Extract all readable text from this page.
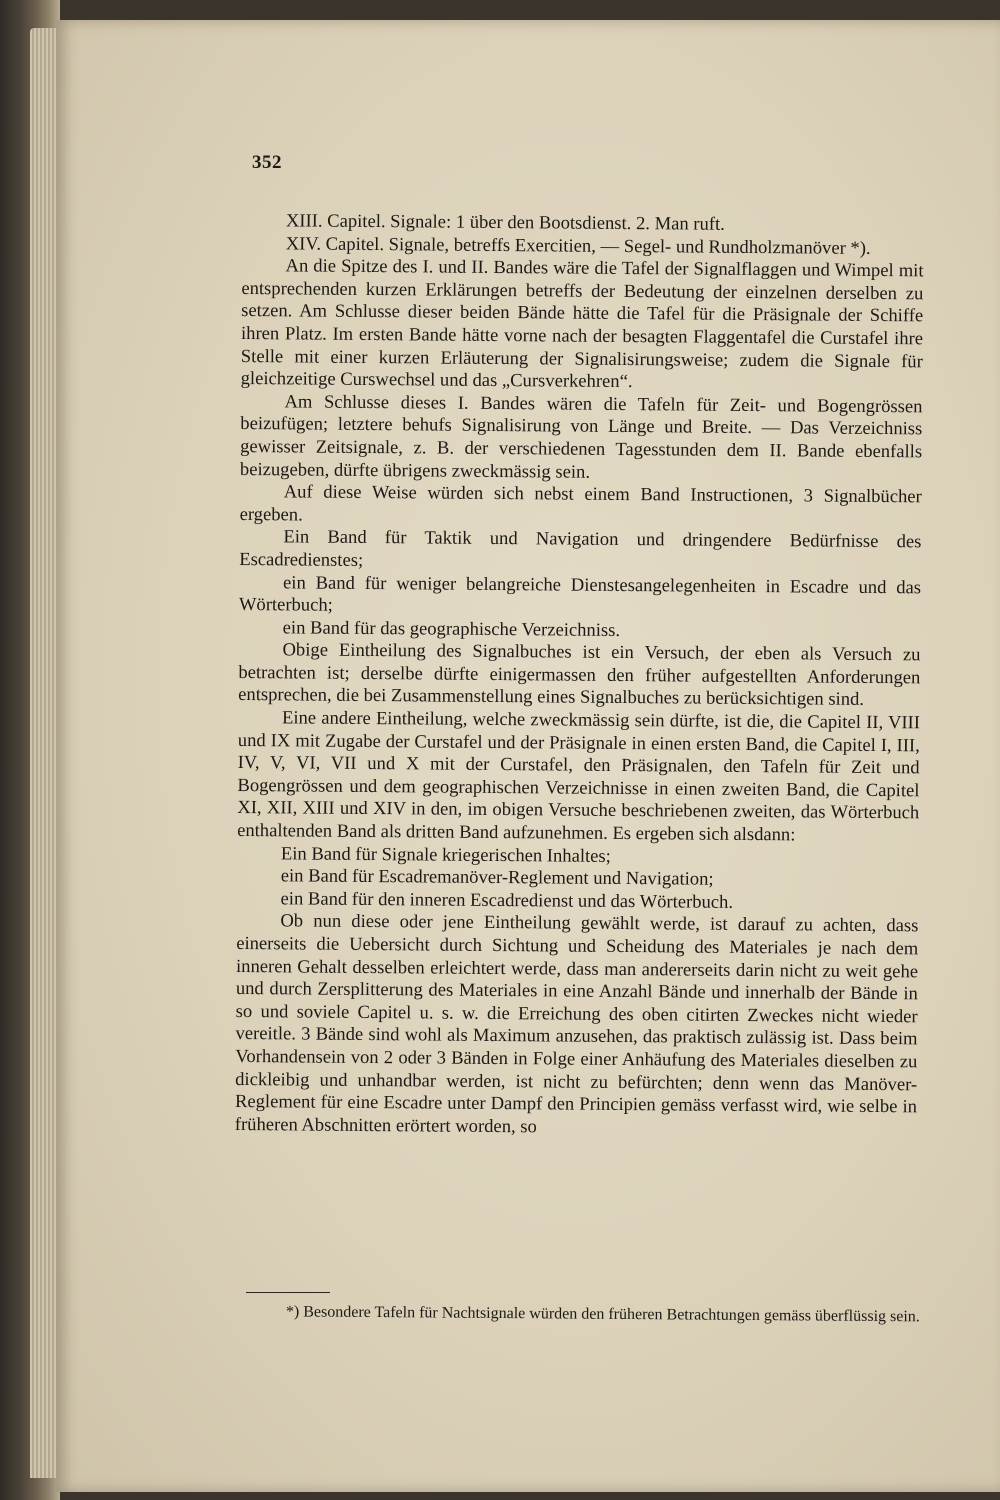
352

XIII. Capitel. Signale: 1 über den Bootsdienst. 2. Man ruft.

XIV. Capitel. Signale, betreffs Exercitien, — Segel- und Rundholzmanöver *).

An die Spitze des I. und II. Bandes wäre die Tafel der Signalflaggen und Wimpel mit entsprechenden kurzen Erklärungen betreffs der Bedeutung der einzelnen derselben zu setzen. Am Schlusse dieser beiden Bände hätte die Tafel für die Präsignale der Schiffe ihren Platz. Im ersten Bande hätte vorne nach der besagten Flaggentafel die Curstafel ihre Stelle mit einer kurzen Erläuterung der Signalisirungsweise; zudem die Signale für gleichzeitige Curswechsel und das „Cursverkehren“.

Am Schlusse dieses I. Bandes wären die Tafeln für Zeit- und Bogengrössen beizufügen; letztere behufs Signalisirung von Länge und Breite. — Das Verzeichniss gewisser Zeitsignale, z. B. der verschiedenen Tagesstunden dem II. Bande ebenfalls beizugeben, dürfte übrigens zweckmässig sein.

Auf diese Weise würden sich nebst einem Band Instructionen, 3 Signalbücher ergeben.

Ein Band für Taktik und Navigation und dringendere Bedürfnisse des Escadredienstes;

ein Band für weniger belangreiche Dienstesangelegenheiten in Escadre und das Wörterbuch;

ein Band für das geographische Verzeichniss.

Obige Eintheilung des Signalbuches ist ein Versuch, der eben als Versuch zu betrachten ist; derselbe dürfte einigermassen den früher aufgestellten Anforderungen entsprechen, die bei Zusammenstellung eines Signalbuches zu berücksichtigen sind.

Eine andere Eintheilung, welche zweckmässig sein dürfte, ist die, die Capitel II, VIII und IX mit Zugabe der Curstafel und der Präsignale in einen ersten Band, die Capitel I, III, IV, V, VI, VII und X mit der Curstafel, den Präsignalen, den Tafeln für Zeit und Bogengrössen und dem geographischen Verzeichnisse in einen zweiten Band, die Capitel XI, XII, XIII und XIV in den, im obigen Versuche beschriebenen zweiten, das Wörterbuch enthaltenden Band als dritten Band aufzunehmen. Es ergeben sich alsdann:

Ein Band für Signale kriegerischen Inhaltes;

ein Band für Escadremanöver-Reglement und Navigation;

ein Band für den inneren Escadredienst und das Wörterbuch.

Ob nun diese oder jene Eintheilung gewählt werde, ist darauf zu achten, dass einerseits die Uebersicht durch Sichtung und Scheidung des Materiales je nach dem inneren Gehalt desselben erleichtert werde, dass man andererseits darin nicht zu weit gehe und durch Zersplitterung des Materiales in eine Anzahl Bände und innerhalb der Bände in so und soviele Capitel u. s. w. die Erreichung des oben citirten Zweckes nicht wieder vereitle. 3 Bände sind wohl als Maximum anzusehen, das praktisch zulässig ist. Dass beim Vorhandensein von 2 oder 3 Bänden in Folge einer Anhäufung des Materiales dieselben zu dickleibig und unhandbar werden, ist nicht zu befürchten; denn wenn das Manöver-Reglement für eine Escadre unter Dampf den Principien gemäss verfasst wird, wie selbe in früheren Abschnitten erörtert worden, so

*) Besondere Tafeln für Nachtsignale würden den früheren Betrachtungen gemäss überflüssig sein.
